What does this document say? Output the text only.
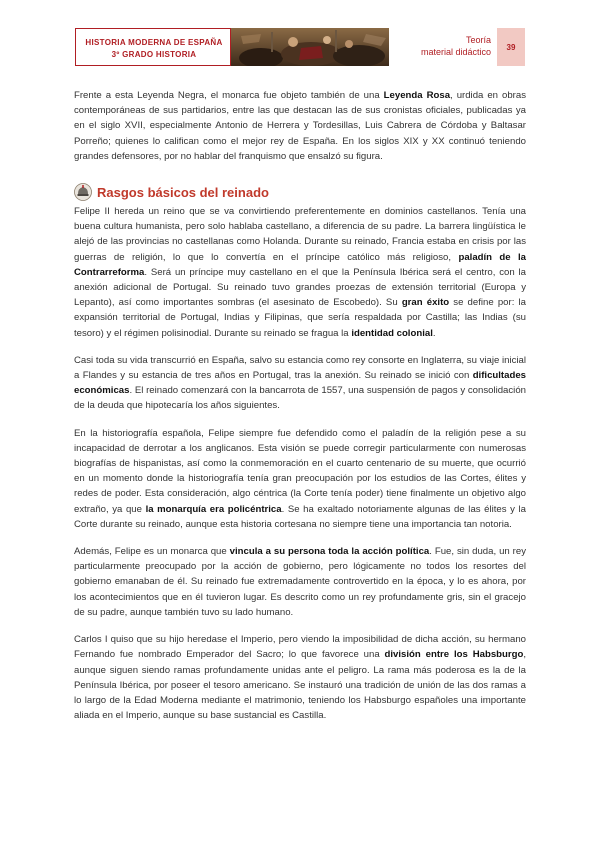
HISTORIA MODERNA DE ESPAÑA
3º GRADO HISTORIA
Teoría
material didáctico	39

Frente a esta Leyenda Negra, el monarca fue objeto también de una Leyenda Rosa, urdida en obras contemporáneas de sus partidarios, entre las que destacan las de sus cronistas oficiales, publicadas ya en el siglo XVII, especialmente Antonio de Herrera y Tordesillas, Luis Cabrera de Córdoba y Baltasar Porreño; quienes lo califican como el mejor rey de España. En los siglos XIX y XX continuó teniendo grandes defensores, por no hablar del franquismo que ensalzó su figura.

Rasgos básicos del reinado

Felipe II hereda un reino que se va convirtiendo preferentemente en dominios castellanos. Tenía una buena cultura humanista, pero solo hablaba castellano, a diferencia de su padre. La barrera lingüística le alejó de las provincias no castellanas como Holanda. Durante su reinado, Francia estaba en crisis por las guerras de religión, lo que lo convertía en el príncipe católico más religioso, paladín de la Contrarreforma. Será un príncipe muy castellano en el que la Península Ibérica será el centro, con la anexión adicional de Portugal. Su reinado tuvo grandes proezas de extensión territorial (Europa y Lepanto), así como importantes sombras (el asesinato de Escobedo). Su gran éxito se define por: la expansión territorial de Portugal, Indias y Filipinas, que sería respaldada por Castilla; las Indias (su tesoro) y el régimen polisinodial. Durante su reinado se fragua la identidad colonial.

Casi toda su vida transcurrió en España, salvo su estancia como rey consorte en Inglaterra, su viaje inicial a Flandes y su estancia de tres años en Portugal, tras la anexión. Su reinado se inició con dificultades económicas. El reinado comenzará con la bancarrota de 1557, una suspensión de pagos y consolidación de la deuda que hipotecaría los años siguientes.

En la historiografía española, Felipe siempre fue defendido como el paladín de la religión pese a su incapacidad de derrotar a los anglicanos. Esta visión se puede corregir particularmente con numerosas biografías de hispanistas, así como la conmemoración en el cuarto centenario de su muerte, que ocurrió en un momento donde la historiografía tenía gran preocupación por los estudios de las Cortes, élites y redes de poder. Esta consideración, algo céntrica (la Corte tenía poder) tiene finalmente un objetivo algo extraño, ya que la monarquía era policéntrica. Se ha exaltado notoriamente algunas de las élites y la Corte durante su reinado, aunque esta historia cortesana no siempre tiene una importancia tan notoria.

Además, Felipe es un monarca que vincula a su persona toda la acción política. Fue, sin duda, un rey particularmente preocupado por la acción de gobierno, pero lógicamente no todos los resortes del gobierno emanaban de él. Su reinado fue extremadamente controvertido en la época, y lo es ahora, por los acontecimientos que en él tuvieron lugar. Es descrito como un rey profundamente gris, sin el gracejo de su padre, aunque también tuvo su lado humano.

Carlos I quiso que su hijo heredase el Imperio, pero viendo la imposibilidad de dicha acción, su hermano Fernando fue nombrado Emperador del Sacro; lo que favorece una división entre los Habsburgo, aunque siguen siendo ramas profundamente unidas ante el peligro. La rama más poderosa es la de la Península Ibérica, por poseer el tesoro americano. Se instauró una tradición de unión de las dos ramas a lo largo de la Edad Moderna mediante el matrimonio, teniendo los Habsburgo españoles una importante aliada en el Imperio, aunque su base sustancial es Castilla.
